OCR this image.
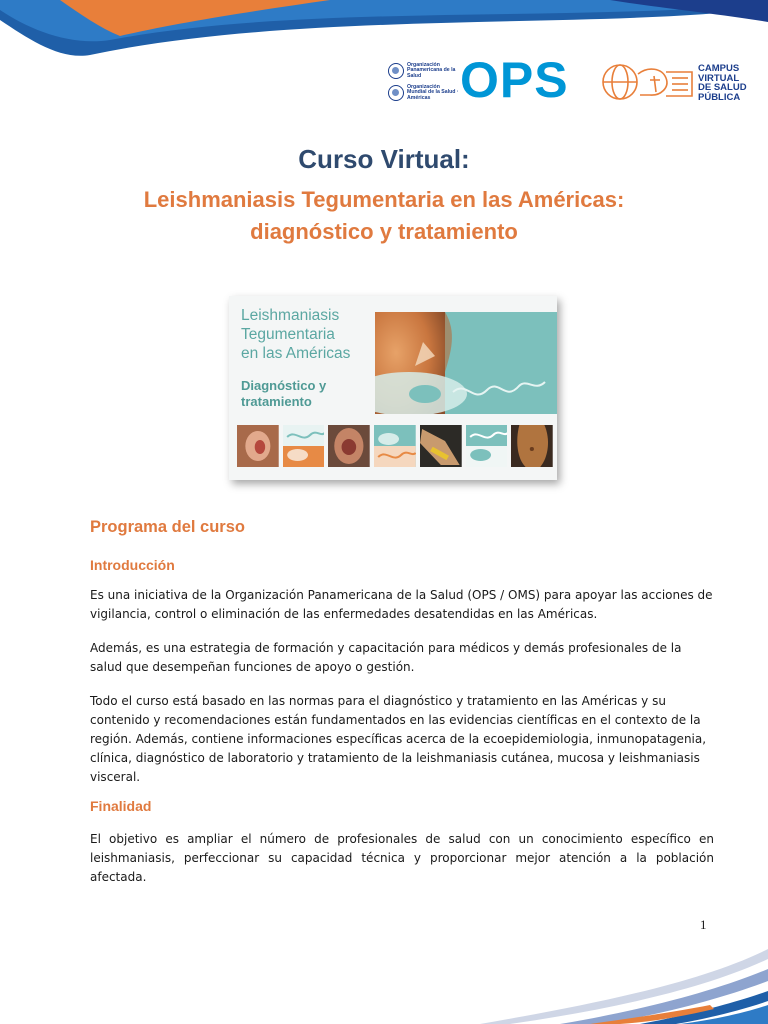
Organización Panamericana de la Salud
Organización Mundial de la Salud · Américas OPS	CAMPUS
VIRTUAL
DE SALUD
PÚBLICA
Curso Virtual:
Leishmaniasis Tegumentaria en las Américas:
diagnóstico y tratamiento
Leishmaniasis
Tegumentaria
en las Américas
Diagnóstico y
tratamiento
Programa del curso
Introducción

Es una iniciativa de la Organización Panamericana de la Salud (OPS / OMS) para apoyar las acciones de vigilancia, control o eliminación de las enfermedades desatendidas en las Américas.

Además, es una estrategia de formación y capacitación para médicos y demás profesionales de la salud que desempeñan funciones de apoyo o gestión.

Todo el curso está basado en las normas para el diagnóstico y tratamiento en las Américas y su contenido y recomendaciones están fundamentados en las evidencias científicas en el contexto de la región. Además, contiene informaciones específicas acerca de la ecoepidemiologia, inmunopatagenia, clínica, diagnóstico de laboratorio y tratamiento de la leishmaniasis cutánea, mucosa y leishmaniasis visceral.

Finalidad

El objetivo es ampliar el número de profesionales de salud con un conocimiento específico en leishmaniasis, perfeccionar su capacidad técnica y proporcionar mejor atención a la población afectada.

1
